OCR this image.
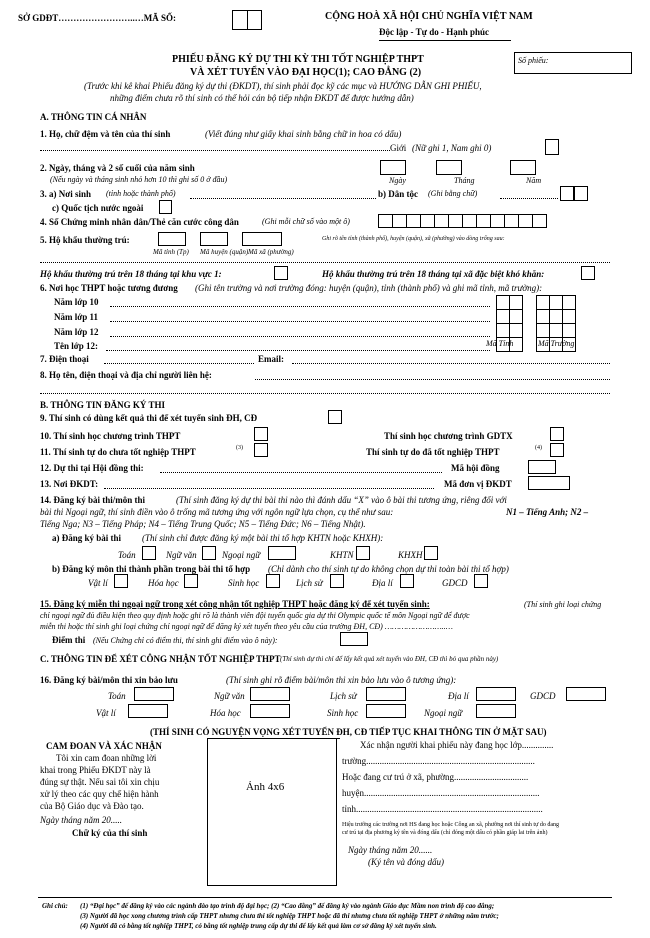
SỞ GDĐT……………………..…MÃ SỐ:	CỘNG HOÀ XÃ HỘI CHỦ NGHĨA VIỆT NAM
Độc lập - Tự do - Hạnh phúc
Số phiếu:
PHIẾU ĐĂNG KÝ DỰ THI KỲ THI TỐT NGHIỆP THPT
VÀ XÉT TUYỂN VÀO ĐẠI HỌC(1); CAO ĐẲNG (2)
(Trước khi kê khai Phiếu đăng ký dự thi (ĐKDT), thí sinh phải đọc kỹ các mục và HƯỚNG DẪN GHI PHIẾU,
những điểm chưa rõ thí sinh có thể hỏi cán bộ tiếp nhận ĐKDT để được hướng dẫn)
A. THÔNG TIN CÁ NHÂN
1. Họ, chữ đệm và tên của thí sinh	(Viết đúng như giấy khai sinh bằng chữ in hoa có dấu)
Giới (Nữ ghi 1, Nam ghi 0)
2. Ngày, tháng và 2 số cuối của năm sinh
(Nếu ngày và tháng sinh nhỏ hơn 10 thì ghi số 0 ở đầu)	Ngày	Tháng	Năm
3. a) Nơi sinh (tỉnh hoặc thành phố)	b) Dân tộc (Ghi bằng chữ)
c) Quốc tịch nước ngoài
4. Số Chứng minh nhân dân/Thẻ căn cước công dân	(Ghi mỗi chữ số vào một ô)
5. Hộ khẩu thường trú:	Ghi rõ tên tỉnh (thành phố), huyện (quận), xã (phường) vào dòng trống sau:
Mã tỉnh (Tp) Mã huyện (quận) Mã xã (phường)
Hộ khẩu thường trú trên 18 tháng tại khu vực 1:	Hộ khẩu thường trú trên 18 tháng tại xã đặc biệt khó khăn:
6. Nơi học THPT hoặc tương đương (Ghi tên trường và nơi trường đóng: huyện (quận), tỉnh (thành phố) và ghi mã tỉnh, mã trường):
Năm lớp 10
Năm lớp 11
Năm lớp 12
Tên lớp 12:	Mã Tỉnh	Mã Trường
7. Điện thoại	Email:
8. Họ tên, điện thoại và địa chỉ người liên hệ:
B. THÔNG TIN ĐĂNG KÝ THI
9. Thí sinh có dùng kết quả thi để xét tuyển sinh ĐH, CĐ
10. Thí sinh học chương trình THPT	Thí sinh học chương trình GDTX
11. Thí sinh tự do chưa tốt nghiệp THPT	(3)	Thí sinh tự do đã tốt nghiệp THPT	(4)
12. Dự thi tại Hội đồng thi:	Mã hội đồng
13. Nơi ĐKDT:	Mã đơn vị ĐKDT
14. Đăng ký bài thi/môn thi	(Thí sinh đăng ký dự thi bài thi nào thì đánh dấu “X” vào ô bài thi tương ứng, riêng đối với
bài thi Ngoại ngữ, thí sinh điền vào ô trống mã tương ứng với ngôn ngữ lựa chọn, cụ thể như sau:	N1 – Tiếng Anh; N2 –
Tiếng Nga; N3 – Tiếng Pháp; N4 – Tiếng Trung Quốc; N5 – Tiếng Đức; N6 – Tiếng Nhật).
a) Đăng ký bài thi (Thí sinh chỉ được đăng ký một bài thi tổ hợp KHTN hoặc KHXH):
Toán	Ngữ văn	Ngoại ngữ	KHTN	KHXH
b) Đăng ký môn thi thành phần trong bài thi tổ hợp (Chỉ dành cho thí sinh tự do không chọn dự thi toàn bài thi tổ hợp)
Vật lí	Hóa học	Sinh học	Lịch sử	Địa lí	GDCD
15. Đăng ký miễn thi ngoại ngữ trong xét công nhận tốt nghiệp THPT hoặc đăng ký để xét tuyển sinh:	(Thí sinh ghi loại chứng
chỉ ngoại ngữ đủ điều kiện theo quy định hoặc ghi rõ là thành viên đội tuyển quốc gia dự thi Olympic quốc tế môn Ngoại ngữ để được
miễn thi hoặc thí sinh ghi loại chứng chỉ ngoại ngữ để đăng ký xét tuyển theo yêu cầu của trường ĐH, CĐ) ……………………..…
Điểm thi (Nếu Chứng chỉ có điểm thi, thí sinh ghi điểm vào ô này):
C. THÔNG TIN ĐỂ XÉT CÔNG NHẬN TỐT NGHIỆP THPT (Thí sinh dự thi chỉ để lấy kết quả xét tuyển vào ĐH, CĐ thì bỏ qua phần này)
16. Đăng ký bài/môn thi xin bảo lưu	(Thí sinh ghi rõ điểm bài/môn thi xin bảo lưu vào ô tương ứng):
Toán	Ngữ văn	Lịch sử	Địa lí	GDCD
Vật lí	Hóa học	Sinh học	Ngoại ngữ
(THÍ SINH CÓ NGUYỆN VỌNG XÉT TUYỂN ĐH, CĐ TIẾP TỤC KHAI THÔNG TIN Ở MẶT SAU)
CAM ĐOAN VÀ XÁC NHẬN
Tôi xin cam đoan những lời
khai trong Phiếu ĐKDT này là
đúng sự thật. Nếu sai tôi xin chịu
xử lý theo các quy chế hiện hành
của Bộ Giáo dục và Đào tạo.
Ngày tháng năm 20.....
Chữ ký của thí sinh
Ảnh 4x6
Xác nhận người khai phiếu này đang học lớp..............
trường...........................................................................
Hoặc đang cư trú ở xã, phường.................................
huyện..............................................................................
tỉnh...................................................................................
Hiệu trưởng các trường nơi HS đang học hoặc Công an xã, phường nơi thí sinh tự do đang
cư trú tại địa phương ký tên và đóng dấu (chỉ đóng một dấu có phần giáp lai trên ảnh)
Ngày tháng năm 20......
(Ký tên và đóng dấu)
Ghi chú: (1) “Đại học” để đăng ký vào các ngành đào tạo trình độ đại học; (2) “Cao đẳng” để đăng ký vào ngành Giáo dục Mầm non trình độ cao đẳng;
(3) Người đã học xong chương trình cấp THPT nhưng chưa thi tốt nghiệp THPT hoặc đã thi nhưng chưa tốt nghiệp THPT ở những năm trước;
(4) Người đã có bằng tốt nghiệp THPT, có bằng tốt nghiệp trung cấp dự thi để lấy kết quả làm cơ sở đăng ký xét tuyển sinh.
